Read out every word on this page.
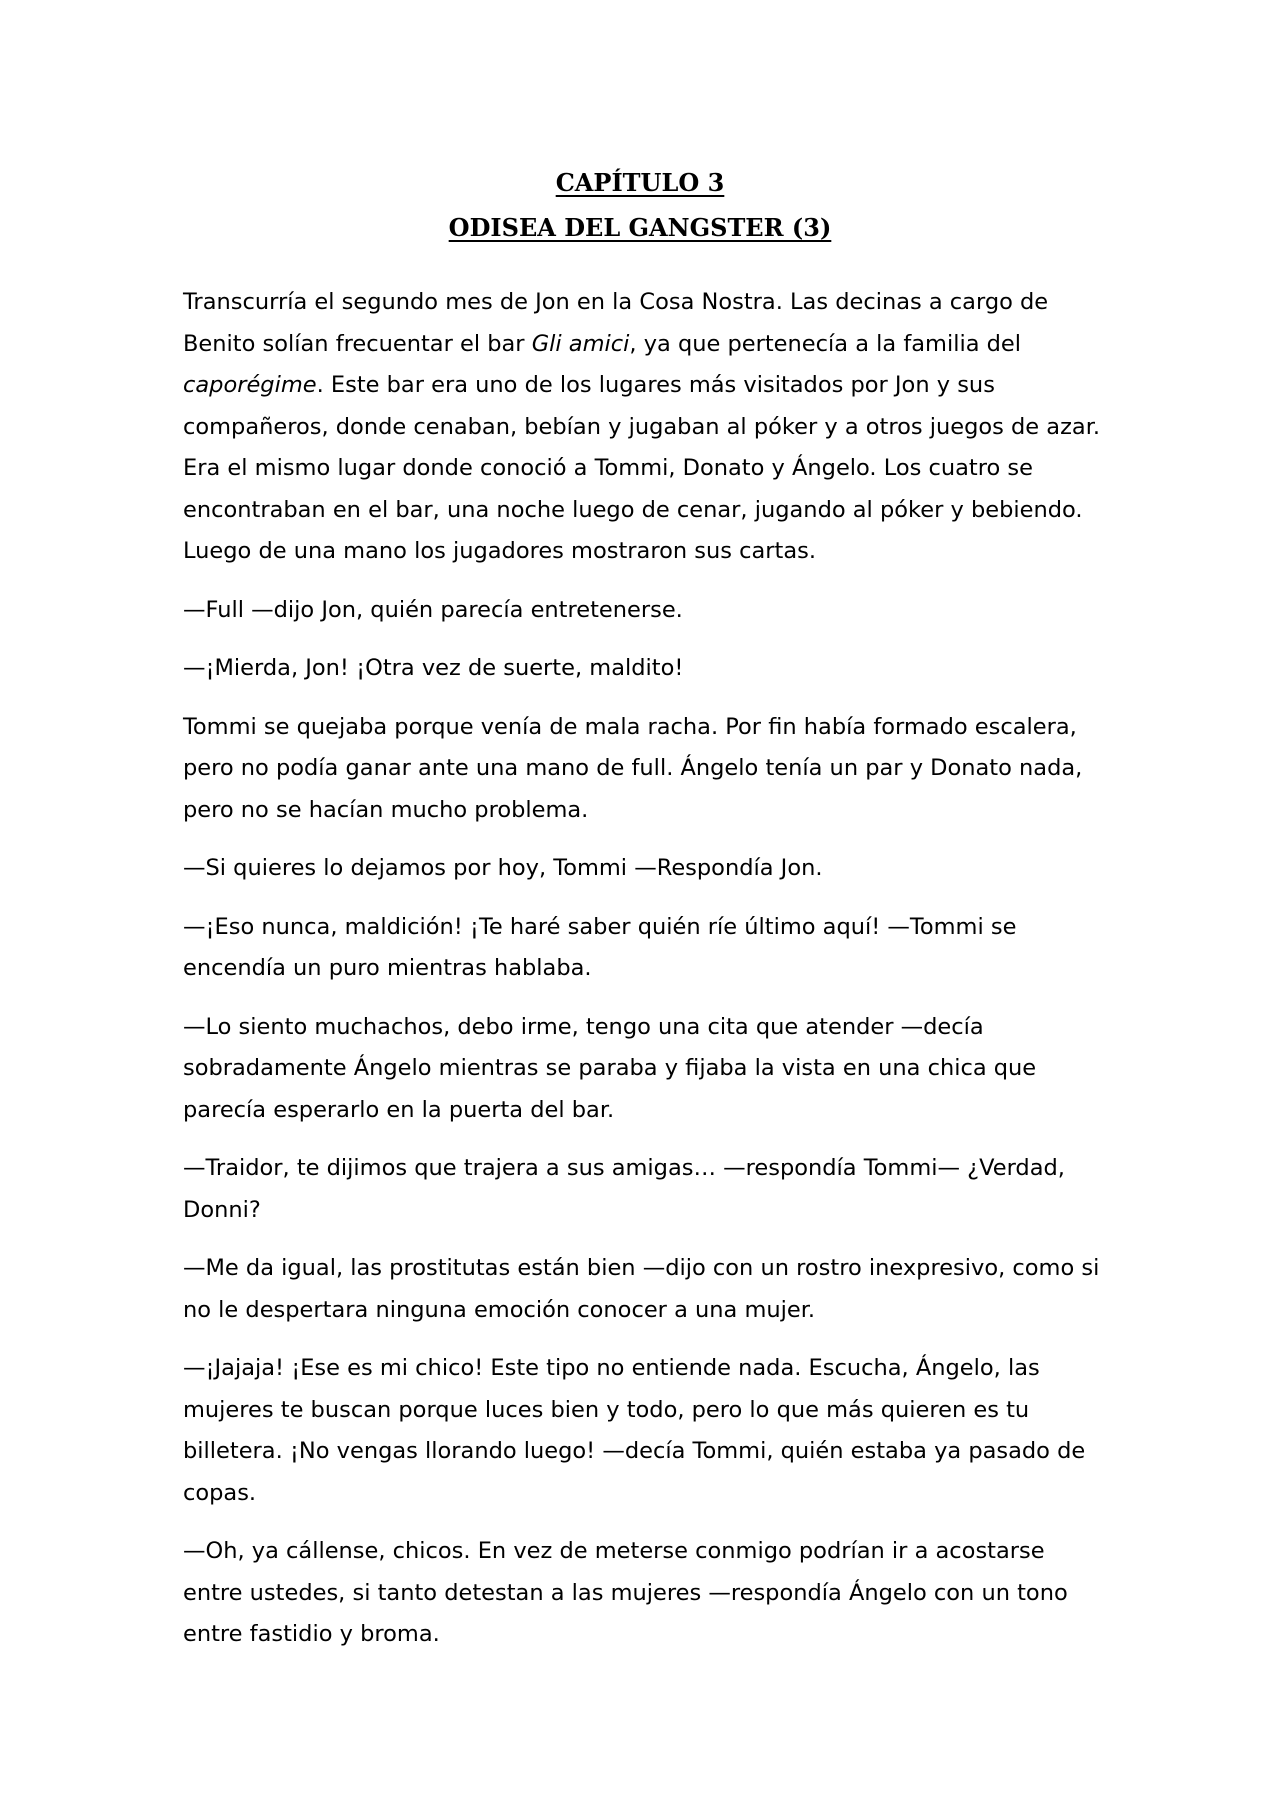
CAPÍTULO 3
ODISEA DEL GANGSTER (3)

Transcurría el segundo mes de Jon en la Cosa Nostra. Las decinas a cargo de Benito solían frecuentar el bar Gli amici, ya que pertenecía a la familia del caporégime. Este bar era uno de los lugares más visitados por Jon y sus compañeros, donde cenaban, bebían y jugaban al póker y a otros juegos de azar. Era el mismo lugar donde conoció a Tommi, Donato y Ángelo. Los cuatro se encontraban en el bar, una noche luego de cenar, jugando al póker y bebiendo. Luego de una mano los jugadores mostraron sus cartas.

—Full —dijo Jon, quién parecía entretenerse.

—¡Mierda, Jon! ¡Otra vez de suerte, maldito!

Tommi se quejaba porque venía de mala racha. Por fin había formado escalera, pero no podía ganar ante una mano de full. Ángelo tenía un par y Donato nada, pero no se hacían mucho problema.

—Si quieres lo dejamos por hoy, Tommi —Respondía Jon.

—¡Eso nunca, maldición! ¡Te haré saber quién ríe último aquí! —Tommi se encendía un puro mientras hablaba.

—Lo siento muchachos, debo irme, tengo una cita que atender —decía sobradamente Ángelo mientras se paraba y fijaba la vista en una chica que parecía esperarlo en la puerta del bar.

—Traidor, te dijimos que trajera a sus amigas… —respondía Tommi— ¿Verdad, Donni?

—Me da igual, las prostitutas están bien —dijo con un rostro inexpresivo, como si no le despertara ninguna emoción conocer a una mujer.

—¡Jajaja! ¡Ese es mi chico! Este tipo no entiende nada. Escucha, Ángelo, las mujeres te buscan porque luces bien y todo, pero lo que más quieren es tu billetera. ¡No vengas llorando luego! —decía Tommi, quién estaba ya pasado de copas.

—Oh, ya cállense, chicos. En vez de meterse conmigo podrían ir a acostarse entre ustedes, si tanto detestan a las mujeres —respondía Ángelo con un tono entre fastidio y broma.
